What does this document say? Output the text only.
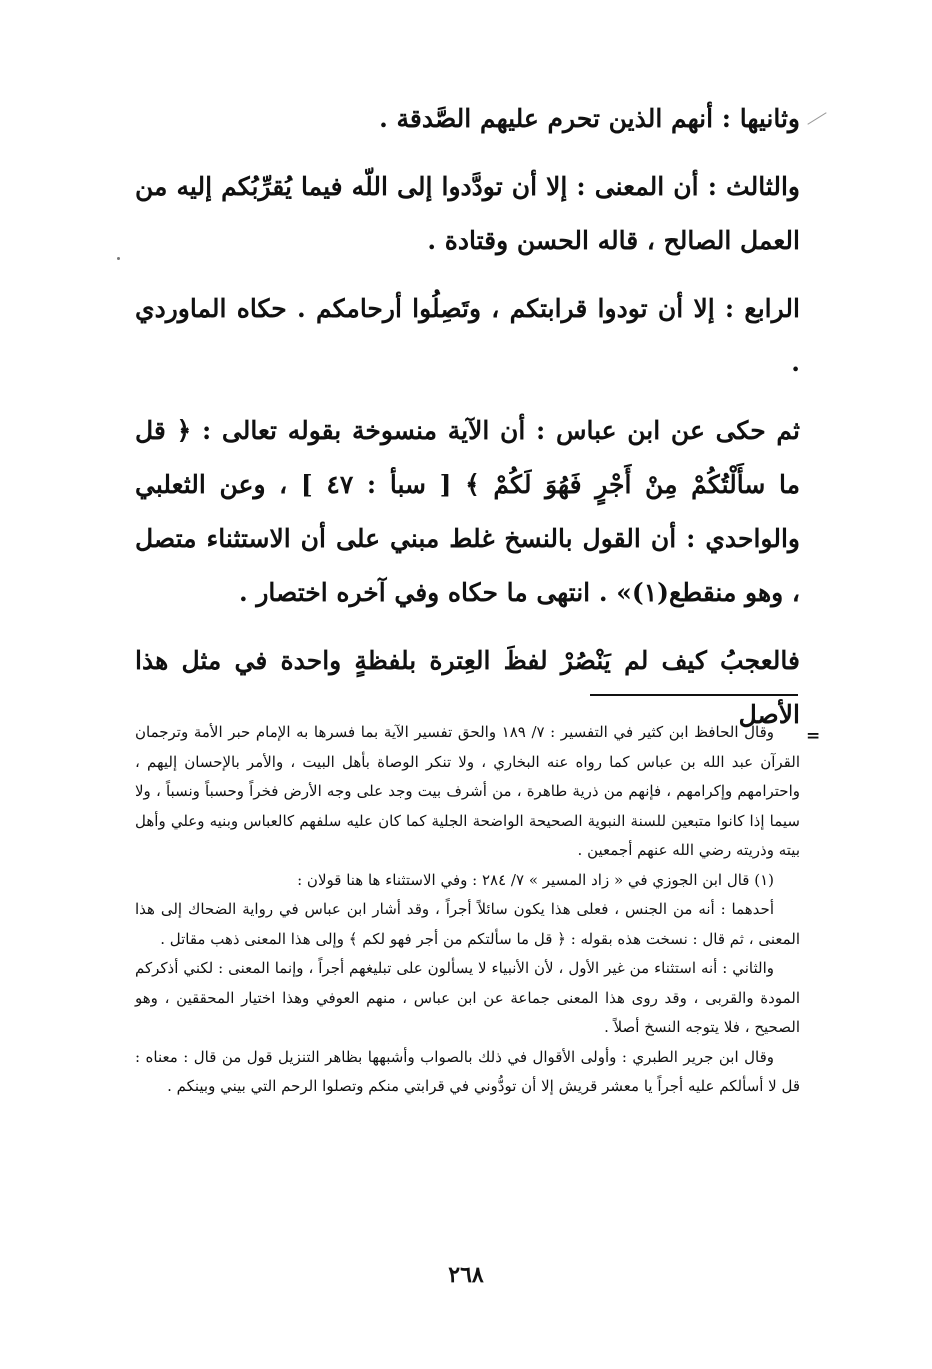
وثانيها : أنهم الذين تحرم عليهم الصَّدقة .

والثالث : أن المعنى : إلا أن تودَّدوا إلى اللّه فيما يُقرِّبُكم إليه من العمل الصالح ، قاله الحسن وقتادة .

الرابع : إلا أن تودوا قرابتكم ، وتَصِلُوا أرحامكم . حكاه الماوردي .

ثم حكى عن ابن عباس : أن الآية منسوخة بقوله تعالى : ﴿ قل ما سأَلْتُكُمْ مِنْ أَجْرٍ فَهُوَ لَكُمْ ﴾ [ سبأ : ٤٧ ] ، وعن الثعلبي والواحدي : أن القول بالنسخ غلط مبني على أن الاستثناء متصل ، وهو منقطع(١)» . انتهى ما حكاه وفي آخره اختصار .

فالعجبُ كيف لم يَنْصُرْ لفظَ العِترة بلفظةٍ واحدة في مثل هذا الأصل

=

وقال الحافظ ابن كثير في التفسير : ٧/ ١٨٩ والحق تفسير الآية بما فسرها به الإمام حبر الأمة وترجمان القرآن عبد الله بن عباس كما رواه عنه البخاري ، ولا تنكر الوصاة بأهل البيت ، والأمر بالإحسان إليهم ، واحترامهم وإكرامهم ، فإنهم من ذرية طاهرة ، من أشرف بيت وجد على وجه الأرض فخراً وحسباً ونسباً ، ولا سيما إذا كانوا متبعين للسنة النبوية الصحيحة الواضحة الجلية كما كان عليه سلفهم كالعباس وبنيه وعلي وأهل بيته وذريته رضي الله عنهم أجمعين .

(١) قال ابن الجوزي في « زاد المسير » ٧/ ٢٨٤ : وفي الاستثناء ها هنا قولان :

أحدهما : أنه من الجنس ، فعلى هذا يكون سائلاً أجراً ، وقد أشار ابن عباس في رواية الضحاك إلى هذا المعنى ، ثم قال : نسخت هذه بقوله : ﴿ قل ما سألتكم من أجر فهو لكم ﴾ وإلى هذا المعنى ذهب مقاتل .

والثاني : أنه استثناء من غير الأول ، لأن الأنبياء لا يسألون على تبليغهم أجراً ، وإنما المعنى : لكني أذكركم المودة والقربى ، وقد روى هذا المعنى جماعة عن ابن عباس ، منهم العوفي وهذا اختيار المحققين ، وهو الصحيح ، فلا يتوجه النسخ أصلاً .

وقال ابن جرير الطبري : وأولى الأقوال في ذلك بالصواب وأشبهها بظاهر التنزيل قول من قال : معناه : قل لا أسألكم عليه أجراً يا معشر قريش إلا أن تودُّوني في قرابتي منكم وتصلوا الرحم التي بيني وبينكم .

٢٦٨
